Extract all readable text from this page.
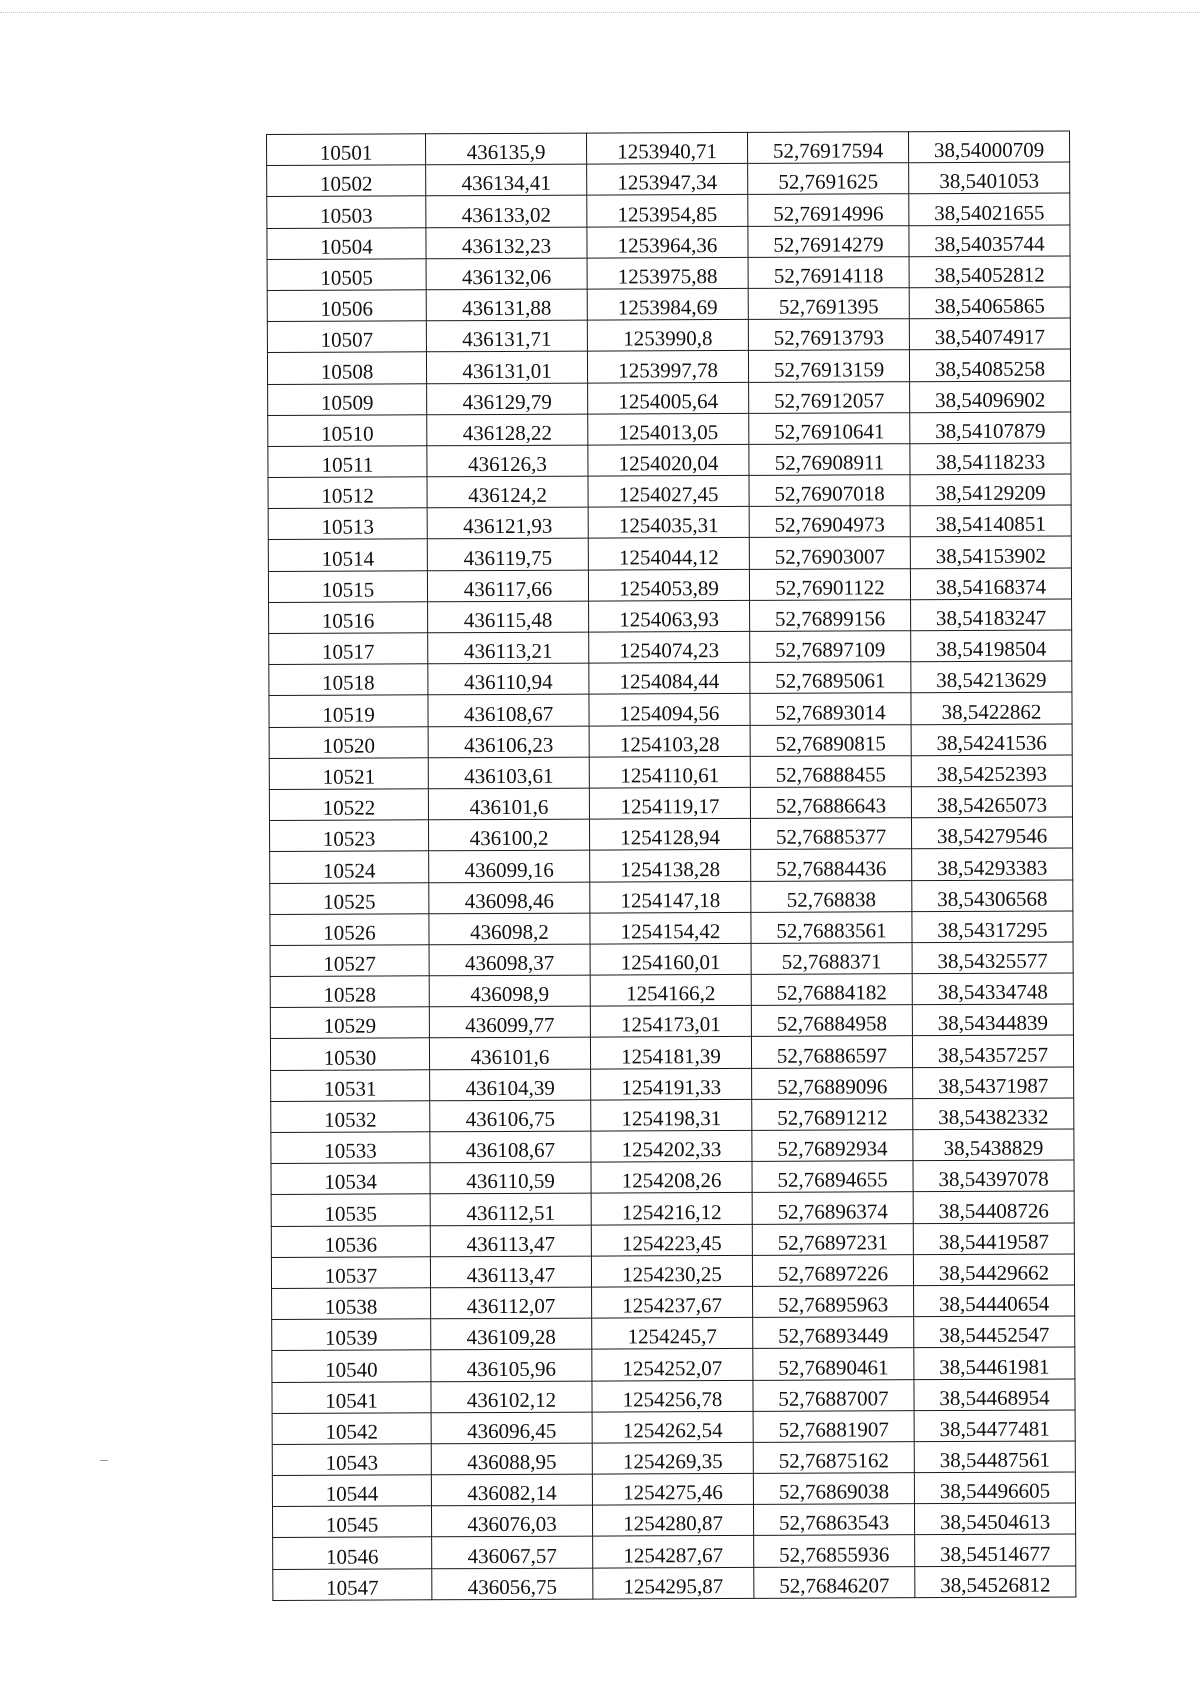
10501	436135,9	1253940,71	52,76917594	38,54000709
10502	436134,41	1253947,34	52,7691625	38,5401053
10503	436133,02	1253954,85	52,76914996	38,54021655
10504	436132,23	1253964,36	52,76914279	38,54035744
10505	436132,06	1253975,88	52,76914118	38,54052812
10506	436131,88	1253984,69	52,7691395	38,54065865
10507	436131,71	1253990,8	52,76913793	38,54074917
10508	436131,01	1253997,78	52,76913159	38,54085258
10509	436129,79	1254005,64	52,76912057	38,54096902
10510	436128,22	1254013,05	52,76910641	38,54107879
10511	436126,3	1254020,04	52,76908911	38,54118233
10512	436124,2	1254027,45	52,76907018	38,54129209
10513	436121,93	1254035,31	52,76904973	38,54140851
10514	436119,75	1254044,12	52,76903007	38,54153902
10515	436117,66	1254053,89	52,76901122	38,54168374
10516	436115,48	1254063,93	52,76899156	38,54183247
10517	436113,21	1254074,23	52,76897109	38,54198504
10518	436110,94	1254084,44	52,76895061	38,54213629
10519	436108,67	1254094,56	52,76893014	38,5422862
10520	436106,23	1254103,28	52,76890815	38,54241536
10521	436103,61	1254110,61	52,76888455	38,54252393
10522	436101,6	1254119,17	52,76886643	38,54265073
10523	436100,2	1254128,94	52,76885377	38,54279546
10524	436099,16	1254138,28	52,76884436	38,54293383
10525	436098,46	1254147,18	52,768838	38,54306568
10526	436098,2	1254154,42	52,76883561	38,54317295
10527	436098,37	1254160,01	52,7688371	38,54325577
10528	436098,9	1254166,2	52,76884182	38,54334748
10529	436099,77	1254173,01	52,76884958	38,54344839
10530	436101,6	1254181,39	52,76886597	38,54357257
10531	436104,39	1254191,33	52,76889096	38,54371987
10532	436106,75	1254198,31	52,76891212	38,54382332
10533	436108,67	1254202,33	52,76892934	38,5438829
10534	436110,59	1254208,26	52,76894655	38,54397078
10535	436112,51	1254216,12	52,76896374	38,54408726
10536	436113,47	1254223,45	52,76897231	38,54419587
10537	436113,47	1254230,25	52,76897226	38,54429662
10538	436112,07	1254237,67	52,76895963	38,54440654
10539	436109,28	1254245,7	52,76893449	38,54452547
10540	436105,96	1254252,07	52,76890461	38,54461981
10541	436102,12	1254256,78	52,76887007	38,54468954
10542	436096,45	1254262,54	52,76881907	38,54477481
10543	436088,95	1254269,35	52,76875162	38,54487561
10544	436082,14	1254275,46	52,76869038	38,54496605
10545	436076,03	1254280,87	52,76863543	38,54504613
10546	436067,57	1254287,67	52,76855936	38,54514677
10547	436056,75	1254295,87	52,76846207	38,54526812
